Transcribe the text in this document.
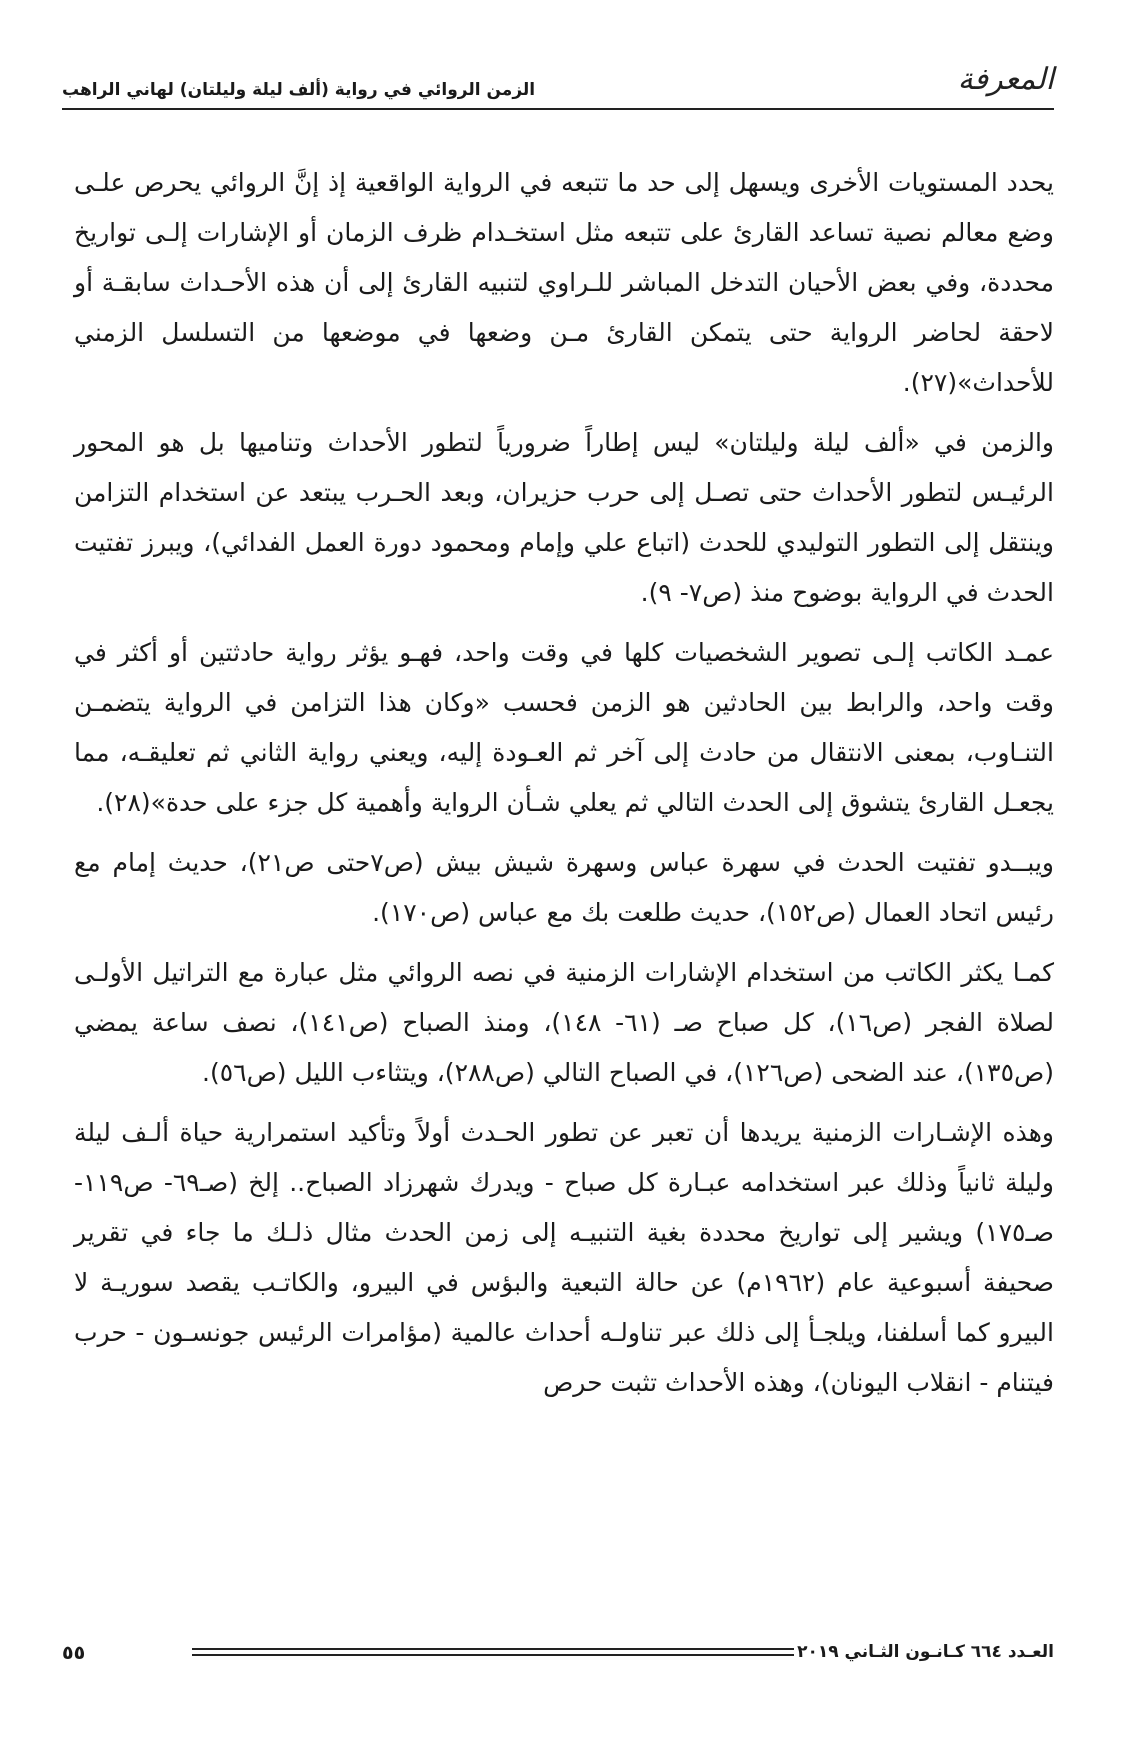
المعرفة
الزمن الروائي في رواية (ألف ليلة وليلتان) لهاني الراهب

يحدد المستويات الأخرى ويسهل إلى حد ما تتبعه في الرواية الواقعية إذ إنَّ الروائي يحرص علـى وضع معالم نصية تساعد القارئ على تتبعه مثل استخـدام ظرف الزمان أو الإشارات إلـى تواريخ محددة، وفي بعض الأحيان التدخل المباشر للـراوي لتنبيه القارئ إلى أن هذه الأحـداث سابقـة أو لاحقة لحاضر الرواية حتى يتمكن القارئ مـن وضعها في موضعها من التسلسل الزمني للأحداث»(٢٧).

والزمن في «ألف ليلة وليلتان» ليس إطاراً ضرورياً لتطور الأحداث وتناميها بل هو المحور الرئيـس لتطور الأحداث حتى تصـل إلى حرب حزيران، وبعد الحـرب يبتعد عن استخدام التزامن وينتقل إلى التطور التوليدي للحدث (اتباع علي وإمام ومحمود دورة العمل الفدائي)، ويبرز تفتيت الحدث في الرواية بوضوح منذ (ص٧- ٩).

عمـد الكاتب إلـى تصوير الشخصيات كلها في وقت واحد، فهـو يؤثر رواية حادثتين أو أكثر في وقت واحد، والرابط بين الحادثين هو الزمن فحسب «وكان هذا التزامن في الرواية يتضمـن التنـاوب، بمعنى الانتقال من حادث إلى آخر ثم العـودة إليه، ويعني رواية الثاني ثم تعليقـه، مما يجعـل القارئ يتشوق إلى الحدث التالي ثم يعلي شـأن الرواية وأهمية كل جزء على حدة»(٢٨).

ويبــدو تفتيت الحدث في سهرة عباس وسهرة شيش بيش (ص٧حتى ص٢١)، حديث إمام مع رئيس اتحاد العمال (ص١٥٢)، حديث طلعت بك مع عباس (ص١٧٠).

كمـا يكثر الكاتب من استخدام الإشارات الزمنية في نصه الروائي مثل عبارة مع التراتيل الأولـى لصلاة الفجر (ص١٦)، كل صباح صـ (٦١- ١٤٨)، ومنذ الصباح (ص١٤١)، نصف ساعة يمضي (ص١٣٥)، عند الضحى (ص١٢٦)، في الصباح التالي (ص٢٨٨)، ويتثاءب الليل (ص٥٦).

وهذه الإشـارات الزمنية يريدها أن تعبر عن تطور الحـدث أولاً وتأكيد استمرارية حياة ألـف ليلة وليلة ثانياً وذلك عبر استخدامه عبـارة كل صباح - ويدرك شهرزاد الصباح.. إلخ (صـ٦٩- ص١١٩- صـ١٧٥) ويشير إلى تواريخ محددة بغية التنبيـه إلى زمن الحدث مثال ذلـك ما جاء في تقرير صحيفة أسبوعية عام (١٩٦٢م) عن حالة التبعية والبؤس في البيرو، والكاتـب يقصد سوريـة لا البيرو كما أسلفنا، ويلجـأ إلى ذلك عبر تناولـه أحداث عالمية (مؤامرات الرئيس جونسـون - حرب فيتنام - انقلاب اليونان)، وهذه الأحداث تثبت حرص

العـدد ٦٦٤ كـانـون الثـاني ٢٠١٩
٥٥
